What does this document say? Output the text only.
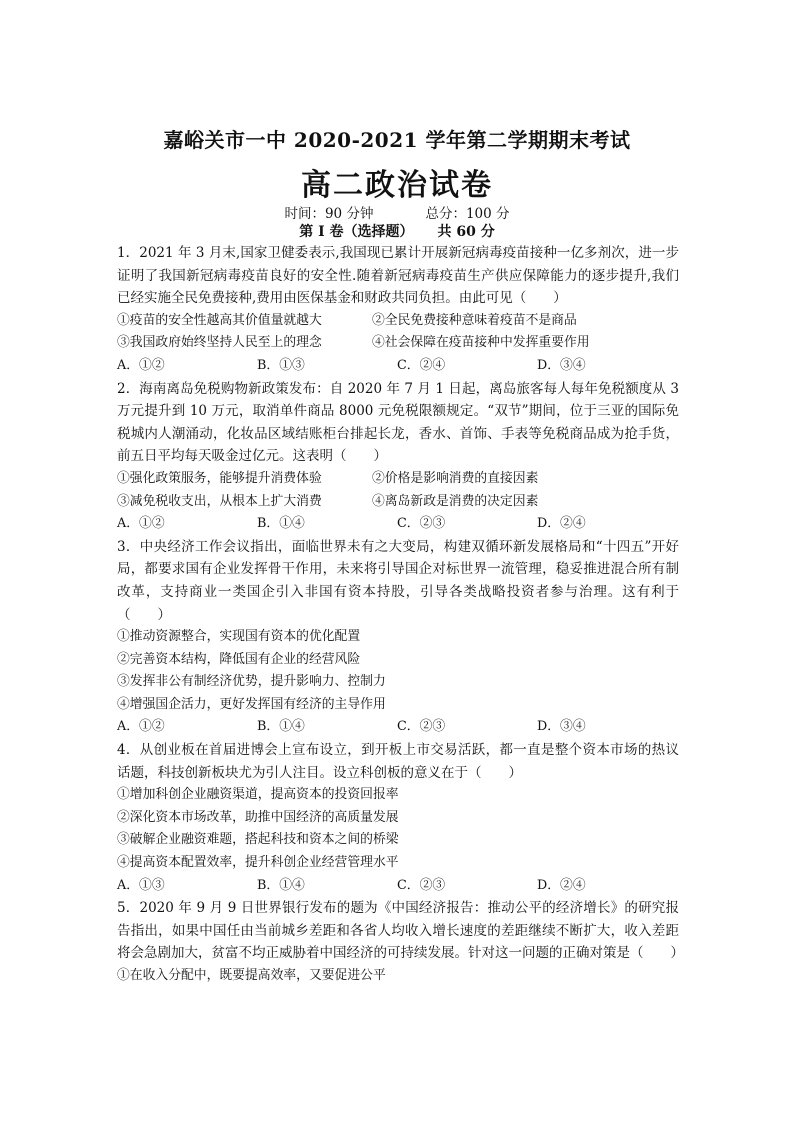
嘉峪关市一中 2020-2021 学年第二学期期末考试
高二政治试卷
时间：90 分钟	总分：100 分
第 I 卷（选择题） 共 60 分

1．2021 年 3 月末,国家卫健委表示,我国现已累计开展新冠病毒疫苗接种一亿多剂次，进一步证明了我国新冠病毒疫苗良好的安全性.随着新冠病毒疫苗生产供应保障能力的逐步提升,我们已经实施全民免费接种,费用由医保基金和财政共同负担。由此可见（　　）

①疫苗的安全性越高其价值量就越大	②全民免费接种意味着疫苗不是商品
③我国政府始终坚持人民至上的理念	④社会保障在疫苗接种中发挥重要作用
A．①②	B．①③	C．②④	D．③④

2．海南离岛免税购物新政策发布：自 2020 年 7 月 1 日起，离岛旅客每人每年免税额度从 3 万元提升到 10 万元，取消单件商品 8000 元免税限额规定。“双节”期间，位于三亚的国际免税城内人潮涌动，化妆品区域结账柜台排起长龙，香水、首饰、手表等免税商品成为抢手货，前五日平均每天吸金过亿元。这表明（　　）

①强化政策服务，能够提升消费体验	②价格是影响消费的直接因素
③减免税收支出，从根本上扩大消费	④离岛新政是消费的决定因素
A．①②	B．①④	C．②③	D．②④

3．中央经济工作会议指出，面临世界未有之大变局，构建双循环新发展格局和“十四五”开好局，都要求国有企业发挥骨干作用，未来将引导国企对标世界一流管理，稳妥推进混合所有制改革，支持商业一类国企引入非国有资本持股，引导各类战略投资者参与治理。这有利于（　　）

①推动资源整合，实现国有资本的优化配置
②完善资本结构，降低国有企业的经营风险
③发挥非公有制经济优势，提升影响力、控制力
④增强国企活力，更好发挥国有经济的主导作用
A．①②	B．①④	C．②③	D．③④

4．从创业板在首届进博会上宣布设立，到开板上市交易活跃，都一直是整个资本市场的热议话题，科技创新板块尤为引人注目。设立科创板的意义在于（　　）

①增加科创企业融资渠道，提高资本的投资回报率
②深化资本市场改革，助推中国经济的高质量发展
③破解企业融资难题，搭起科技和资本之间的桥梁
④提高资本配置效率，提升科创企业经营管理水平
A．①③	B．①④	C．②③	D．②④

5．2020 年 9 月 9 日世界银行发布的题为《中国经济报告：推动公平的经济增长》的研究报告指出，如果中国任由当前城乡差距和各省人均收入增长速度的差距继续不断扩大，收入差距将会急剧加大，贫富不均正威胁着中国经济的可持续发展。针对这一问题的正确对策是（　　）

①在收入分配中，既要提高效率，又要促进公平
